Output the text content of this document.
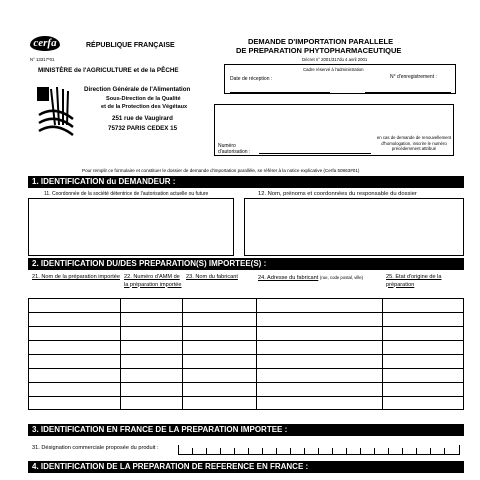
cerfa
N° 13317*01
RÉPUBLIQUE FRANÇAISE
MINISTÈRE de l'AGRICULTURE et de la PÊCHE
Direction Générale de l'Alimentation
Sous-Direction de la Qualité
et de la Protection des Végétaux
251 rue de Vaugirard
75732 PARIS CEDEX 15
DEMANDE D'IMPORTATION PARALLELE
DE PREPARATION PHYTOPHARMACEUTIQUE
Décret n° 2001/317du 4 avril 2001
Cadre réservé à l'administration
Date de réception :	N° d'enregistrement :
Numéro
d'autorisation :
en cas de demande de renouvellement d'homologation, inscrire le numéro précédemment attribué
Pour remplir ce formulaire et constituer le dossier de demande d'importation parallèle, se référer à la notice explicative (Cerfa 50863#01)
1. IDENTIFICATION du DEMANDEUR :
11. Coordonnée de la société détentrice de l'autorisation actuelle ou future	12. Nom, prénoms et coordonnées du responsable du dossier
2. IDENTIFICATION DU/DES PREPARATION(S) IMPORTEE(S) :
21. Nom de la préparation importée 22. Numéro d'AMM de la préparation importée
23. Nom du fabricant	24. Adresse du fabricant (rue, code postal, ville)	25. Etat d'origine de la préparation
3. IDENTIFICATION EN FRANCE DE LA PREPARATION IMPORTEE :
31. Désignation commerciale proposée du produit :
4. IDENTIFICATION DE LA PREPARATION DE REFERENCE EN FRANCE :
